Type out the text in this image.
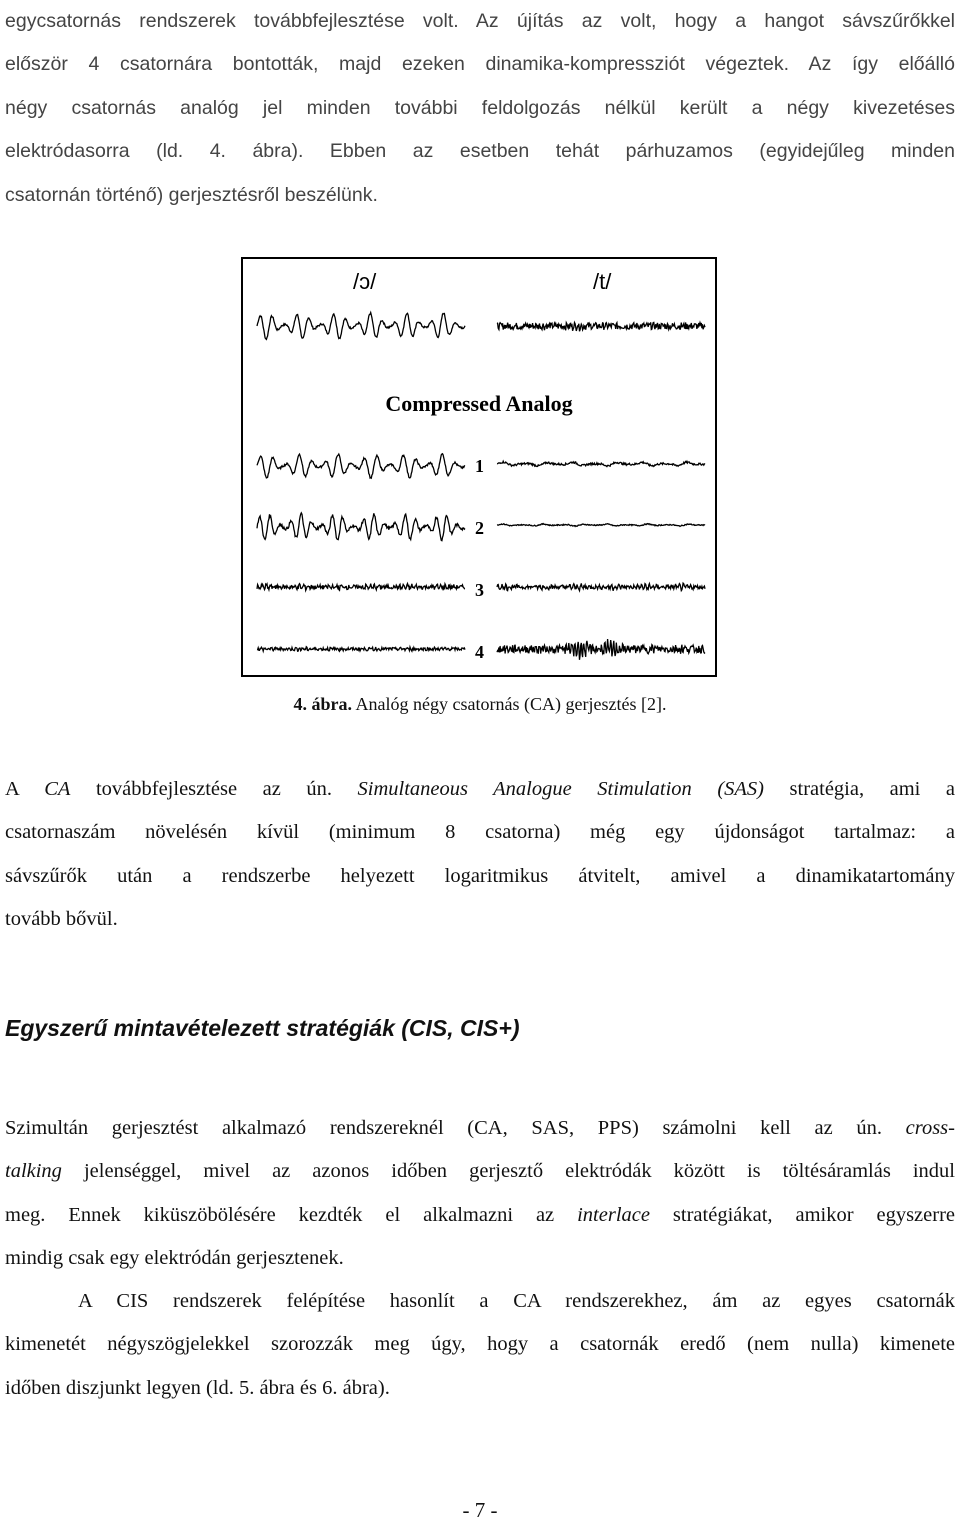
egycsatornás rendszerek továbbfejlesztése volt. Az újítás az volt, hogy a hangot sávszűrőkkel
először 4 csatornára bontották, majd ezeken dinamika-kompressziót végeztek. Az így előálló
négy csatornás analóg jel minden további feldolgozás nélkül került a négy kivezetéses
elektródasorra (ld. 4. ábra). Ebben az esetben tehát párhuzamos (egyidejűleg minden
csatornán történő) gerjesztésről beszélünk.
/ɔ/	/t/
Compressed Analog
1
2
3
4
4. ábra. Analóg négy csatornás (CA) gerjesztés [2].
A CA továbbfejlesztése az ún. Simultaneous Analogue Stimulation (SAS) stratégia, ami a
csatornaszám növelésén kívül (minimum 8 csatorna) még egy újdonságot tartalmaz: a
sávszűrők után a rendszerbe helyezett logaritmikus átvitelt, amivel a dinamikatartomány
tovább bővül.
Egyszerű mintavételezett stratégiák (CIS, CIS+)
Szimultán gerjesztést alkalmazó rendszereknél (CA, SAS, PPS) számolni kell az ún. cross-
talking jelenséggel, mivel az azonos időben gerjesztő elektródák között is töltésáramlás indul
meg. Ennek kiküszöbölésére kezdték el alkalmazni az interlace stratégiákat, amikor egyszerre
mindig csak egy elektródán gerjesztenek.
A CIS rendszerek felépítése hasonlít a CA rendszerekhez, ám az egyes csatornák
kimenetét négyszögjelekkel szorozzák meg úgy, hogy a csatornák eredő (nem nulla) kimenete
időben diszjunkt legyen (ld. 5. ábra és 6. ábra).
- 7 -
